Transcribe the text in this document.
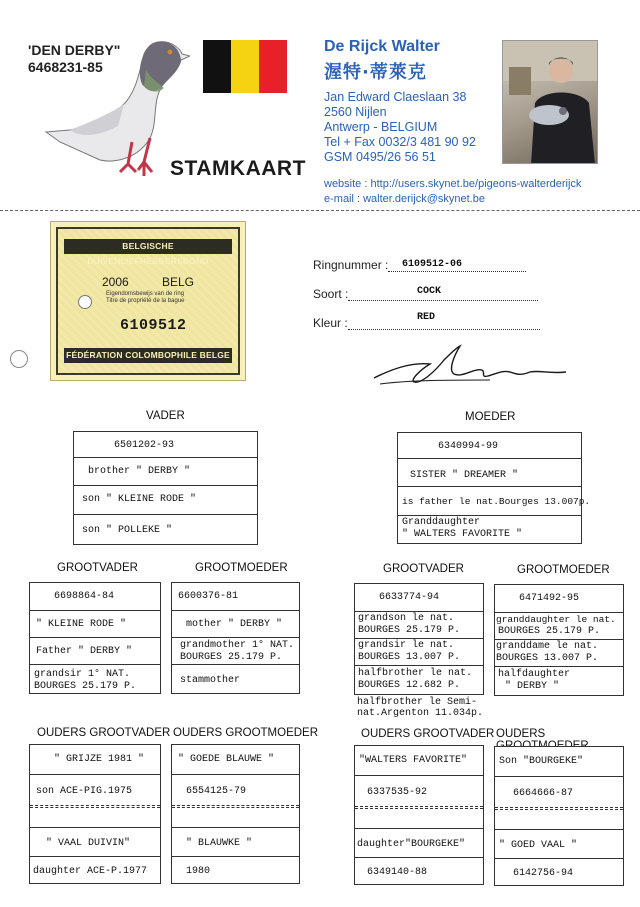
'DEN DERBY"
6468231-85
STAMKAART
De Rijck Walter
渥特·蒂萊克
Jan Edward Claeslaan 38
2560 Nijlen
Antwerp - BELGIUM
Tel + Fax 0032/3 481 90 92
GSM 0495/26 56 51
website : http://users.skynet.be/pigeons-walterderijck
e-mail : walter.derijck@skynet.be
BELGISCHE DUIVENLIEFHEBBERSBOND
2006	BELG
Eigendomsbewijs van de ring
Titre de propriété de la bague
6109512
FÉDÉRATION COLOMBOPHILE BELGE
Ringnummer :	6109512-06
Soort :	COCK
Kleur :	RED
VADER	MOEDER
GROOTVADER	GROOTMOEDER	GROOTVADER	GROOTMOEDER
OUDERS GROOTVADER OUDERS GROOTMOEDER	OUDERS GROOTVADER OUDERS
6501202-93
brother " DERBY "
son " KLEINE RODE "
son " POLLEKE "
6340994-99
SISTER " DREAMER "
is father le nat.Bourges 13.007p.
Granddaughter
" WALTERS FAVORITE "
6698864-84
" KLEINE RODE "
Father " DERBY "
grandsir 1° NAT.
BOURGES 25.179 P.
6600376-81
mother " DERBY "
grandmother 1° NAT.
BOURGES 25.179 P.
stammother
6633774-94
grandson le nat.
BOURGES 25.179 P.
grandsir le nat.
BOURGES 13.007 P.
halfbrother le nat.
BOURGES 12.682 P.
halfbrother le Semi-
nat.Argenton 11.034p.
6471492-95
granddaughter le nat.
BOURGES 25.179 P.
granddame le nat.
BOURGES 13.007 P.
halfdaughter
" DERBY "
" GRIJZE 1981 "
son ACE-PIG.1975
" VAAL DUIVIN"
daughter ACE-P.1977
" GOEDE BLAUWE "
6554125-79
" BLAUWKE "
1980
"WALTERS FAVORITE"
6337535-92
daughter"BOURGEKE"
6349140-88
Son "BOURGEKE"
6664666-87
" GOED VAAL "
6142756-94
